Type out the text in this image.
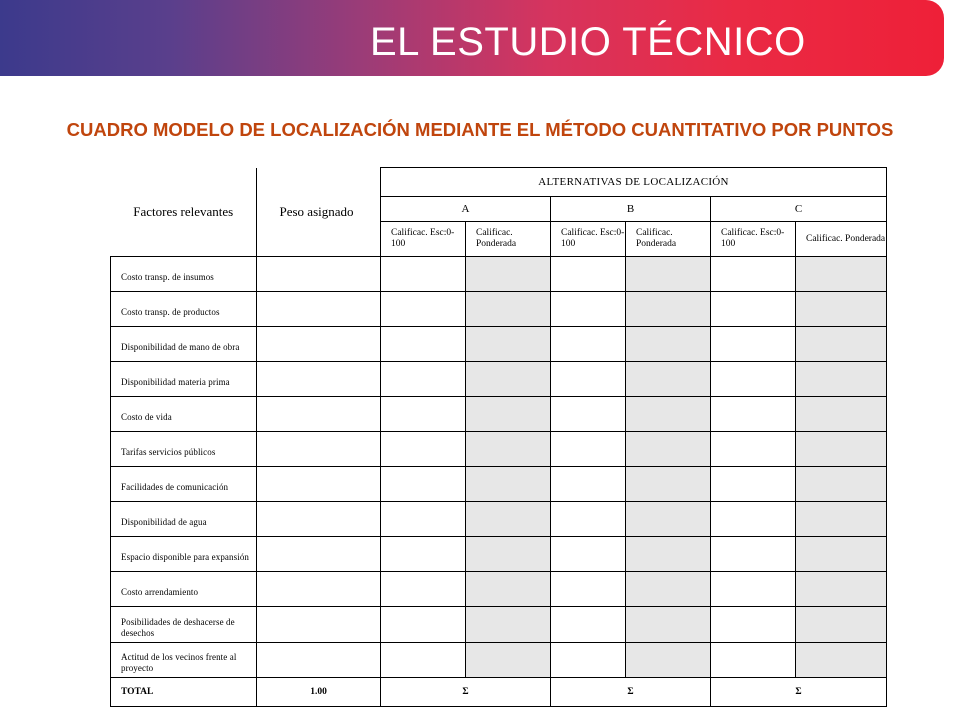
EL ESTUDIO TÉCNICO
CUADRO MODELO DE LOCALIZACIÓN MEDIANTE EL MÉTODO CUANTITATIVO POR PUNTOS
Factores relevantes	Peso asignado	ALTERNATIVAS DE LOCALIZACIÓN					
		A		B		C	
		Calificac. Esc:0-100	Calificac. Ponderada	Calificac. Esc:0-100	Calificac. Ponderada	Calificac. Esc:0-100	Calificac. Ponderada
Costo transp. de insumos							
Costo transp. de productos							
Disponibilidad de mano de obra							
Disponibilidad materia prima							
Costo de vida							
Tarifas servicios públicos							
Facilidades de comunicación							
Disponibilidad de agua							
Espacio disponible para expansión							
Costo arrendamiento							
Posibilidades de deshacerse de desechos							
Actitud de los vecinos frente al proyecto							
TOTAL	1.00	Σ		Σ		Σ	
